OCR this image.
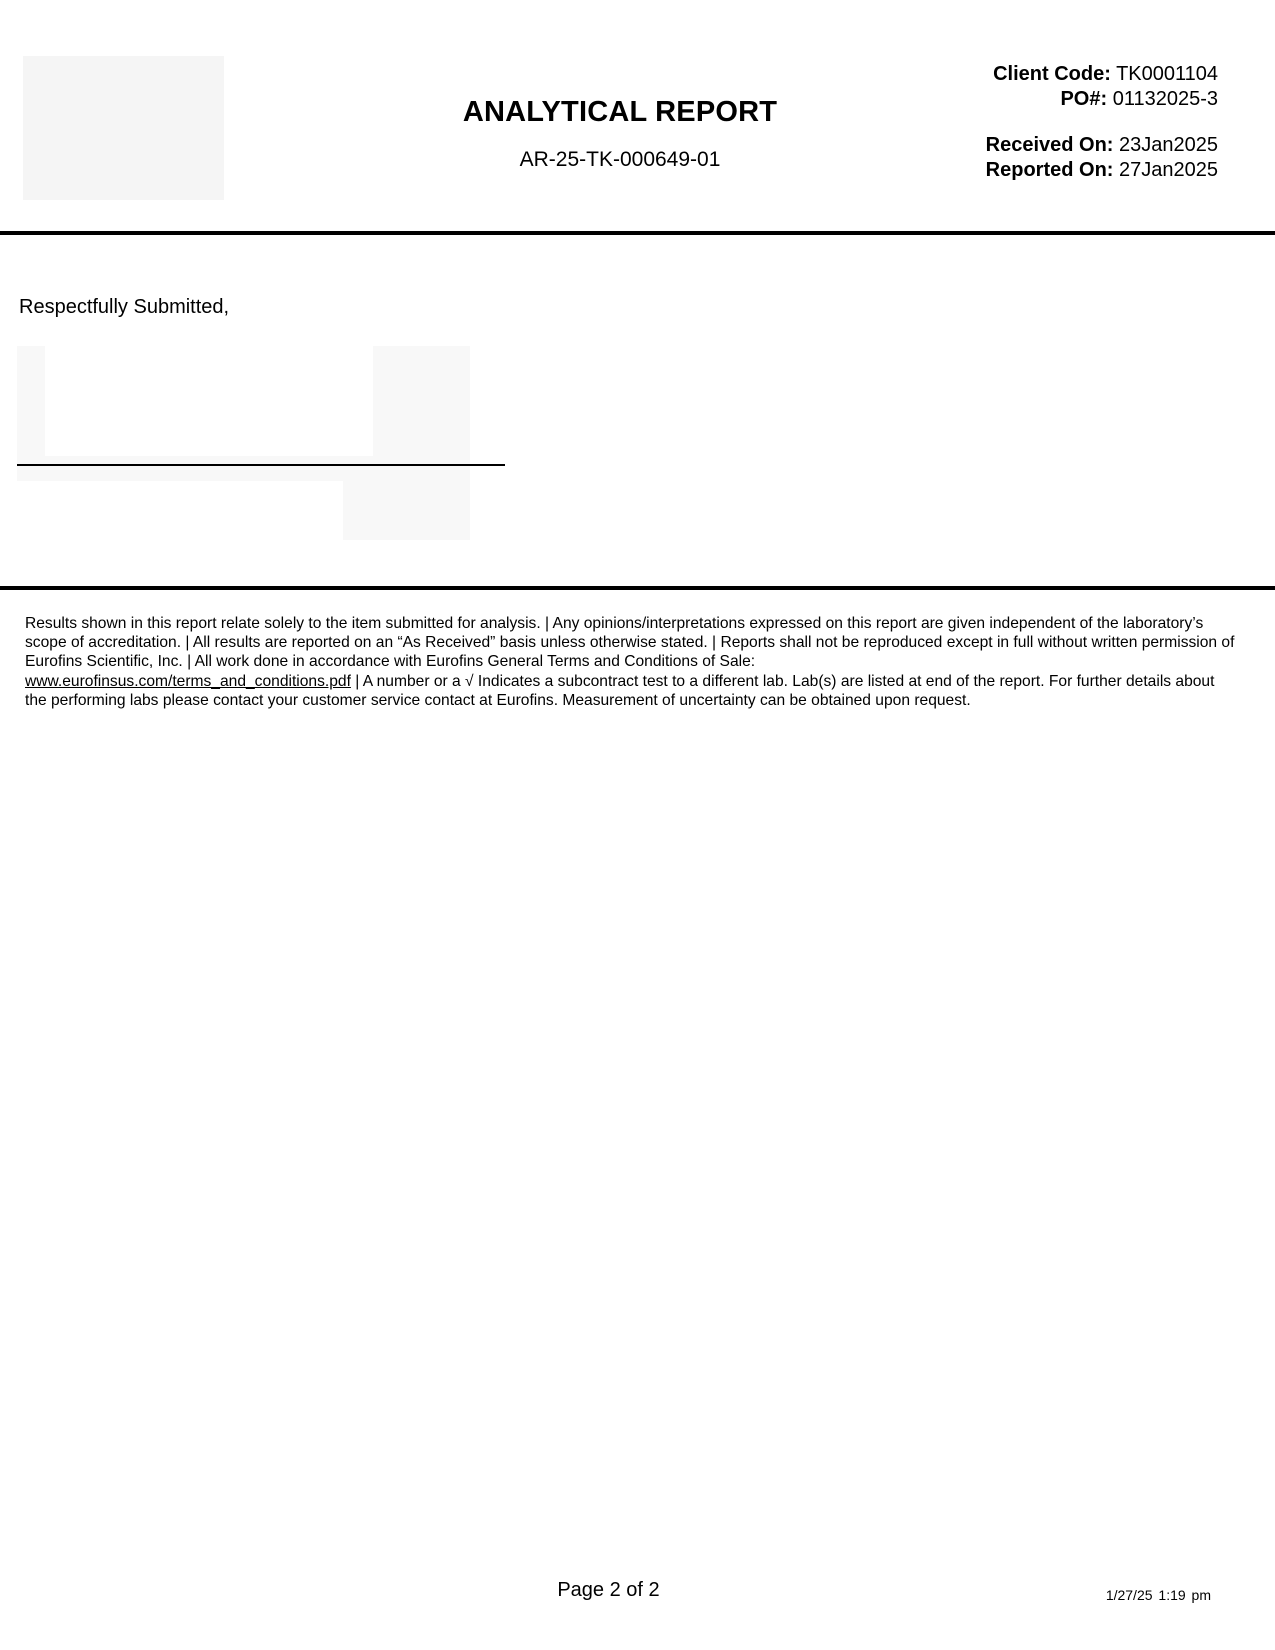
ANALYTICAL REPORT
AR-25-TK-000649-01
Client Code: TK0001104
PO#: 01132025-3
Received On: 23Jan2025
Reported On: 27Jan2025
Respectfully Submitted,
Results shown in this report relate solely to the item submitted for analysis. | Any opinions/interpretations expressed on this report are given independent of the laboratory’s scope of accreditation. | All results are reported on an “As Received” basis unless otherwise stated. | Reports shall not be reproduced except in full without written permission of Eurofins Scientific, Inc. | All work done in accordance with Eurofins General Terms and Conditions of Sale:
www.eurofinsus.com/terms_and_conditions.pdf | A number or a √ Indicates a subcontract test to a different lab. Lab(s) are listed at end of the report. For further details about the performing labs please contact your customer service contact at Eurofins. Measurement of uncertainty can be obtained upon request.
Page 2 of 2	1/27/25 1:19 pm
